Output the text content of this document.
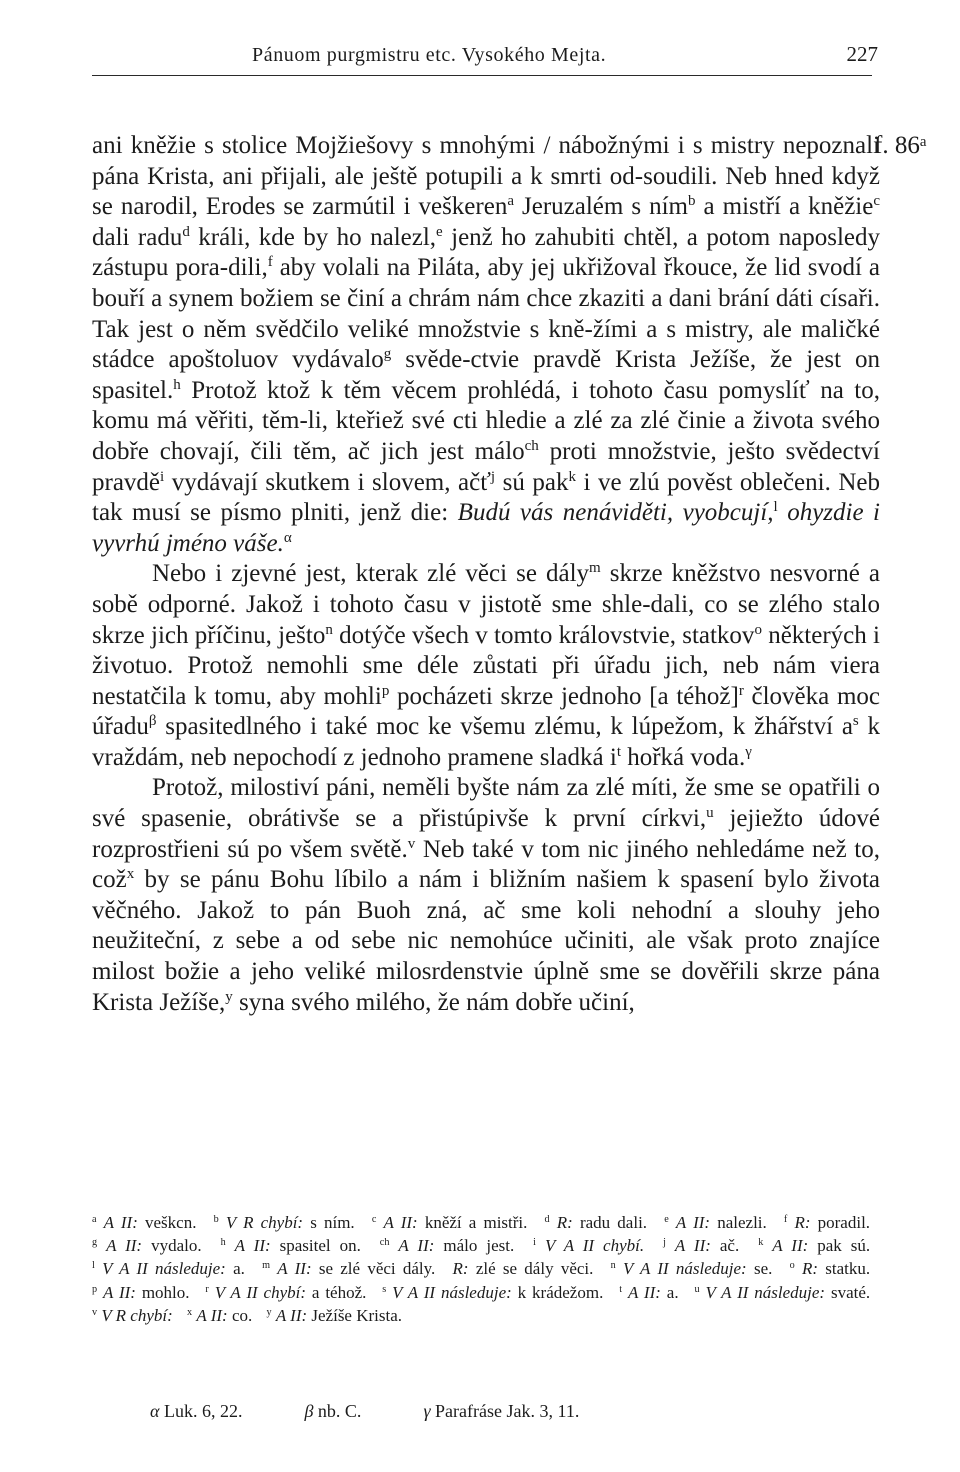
Pánuom purgmistru etc. Vysokého Mejta.	227
f. 86ᵃ

ani kněžie s stolice Mojžiešovy s mnohými / nábožnými i s mistry nepoznali pána Krista, ani přijali, ale ještě potupili a k smrti od-soudili. Neb hned když se narodil, Erodes se zarmútil i veškeren$^a$ Jeruzalém s ním$^b$ a mistří a kněžie$^c$ dali radu$^d$ králi, kde by ho nalezl,$^e$ jenž ho zahubiti chtěl, a potom naposledy zástupu pora-dili,$^f$ aby volali na Piláta, aby jej ukřižoval řkouce, že lid svodí a bouří a synem božiem se činí a chrám nám chce zkaziti a dani brání dáti císaři. Tak jest o něm svědčilo veliké množstvie s kně-žími a s mistry, ale maličké stádce apoštoluov vydávalo$^g$ svěde-ctvie pravdě Krista Ježíše, že jest on spasitel.$^h$ Protož ktož k těm věcem prohlédá, i tohoto času pomyslíť na to, komu má věřiti, těm-li, kteřiež své cti hledie a zlé za zlé činie a života svého dobře chovají, čili těm, ač jich jest málo$^{ch}$ proti množstvie, ješto svědectví pravdě$^i$ vydávají skutkem i slovem, ačť$^j$ sú pak$^k$ i ve zlú pověst oblečeni. Neb tak musí se písmo plniti, jenž die: Budú vás nenáviděti, vyobcují,$^l$ ohyzdie i vyvrhú jméno váše.$^\alpha$

Nebo i zjevné jest, kterak zlé věci se dály$^m$ skrze kněžstvo nesvorné a sobě odporné. Jakož i tohoto času v jistotě sme shle-dali, co se zlého stalo skrze jich příčinu, ješto$^n$ dotýče všech v tomto královstvie, statkov$^o$ některých i životuo. Protož nemohli sme déle zůstati při úřadu jich, neb nám viera nestatčila k tomu, aby mohli$^p$ pocházeti skrze jednoho [a téhož]$^r$ člověka moc úřadu$^\beta$ spasitedlného i také moc ke všemu zlému, k lúpežom, k žhářství $a^s$ k vraždám, neb nepochodí z jednoho pramene sladká $i^t$ hořká voda.$^\gamma$

Protož, milostiví páni, neměli byšte nám za zlé míti, že sme se opatřili o své spasenie, obrátivše se a přistúpivše k první církvi,$^u$ jejiežto údové rozprostřieni sú po všem světě.$^v$ Neb také v tom nic jiného nehledáme než to, což$^x$ by se pánu Bohu líbilo a nám i bližním našiem k spasení bylo života věčného. Jakož to pán Buoh zná, ač sme koli nehodní a slouhy jeho neužiteční, z sebe a od sebe nic nemohúce učiniti, ale však proto znajíce milost božie a jeho veliké milosrdenstvie úplně sme se dověřili skrze pána Krista Ježíše,$^y$ syna svého milého, že nám dobře učiní,

$^a$ A II: veškcn. $^b$ V R chybí: s ním. $^c$ A II: kněží a mistři. $^d$ R: radu dali. $^e$ A II: nalezli. $^f$ R: poradil. $^g$ A II: vydalo. $^h$ A II: spasitel on. $^{ch}$ A II: málo jest. $^i$ V A II chybí. $^j$ A II: ač. $^k$ A II: pak sú. $^l$ V A II následuje: a. $^m$ A II: se zlé věci dály. R: zlé se dály věci. $^n$ V A II následuje: se. $^o$ R: statku. $^p$ A II: mohlo. $^r$ V A II chybí: a téhož. $^s$ V A II následuje: k krádežom. $^t$ A II: a. $^u$ V A II následuje: svaté. $^v$ V R chybí: $^x$ A II: co. $^y$ A II: Ježíše Krista.
α Luk. 6, 22.	β nb. C.	γ Parafráse Jak. 3, 11.
